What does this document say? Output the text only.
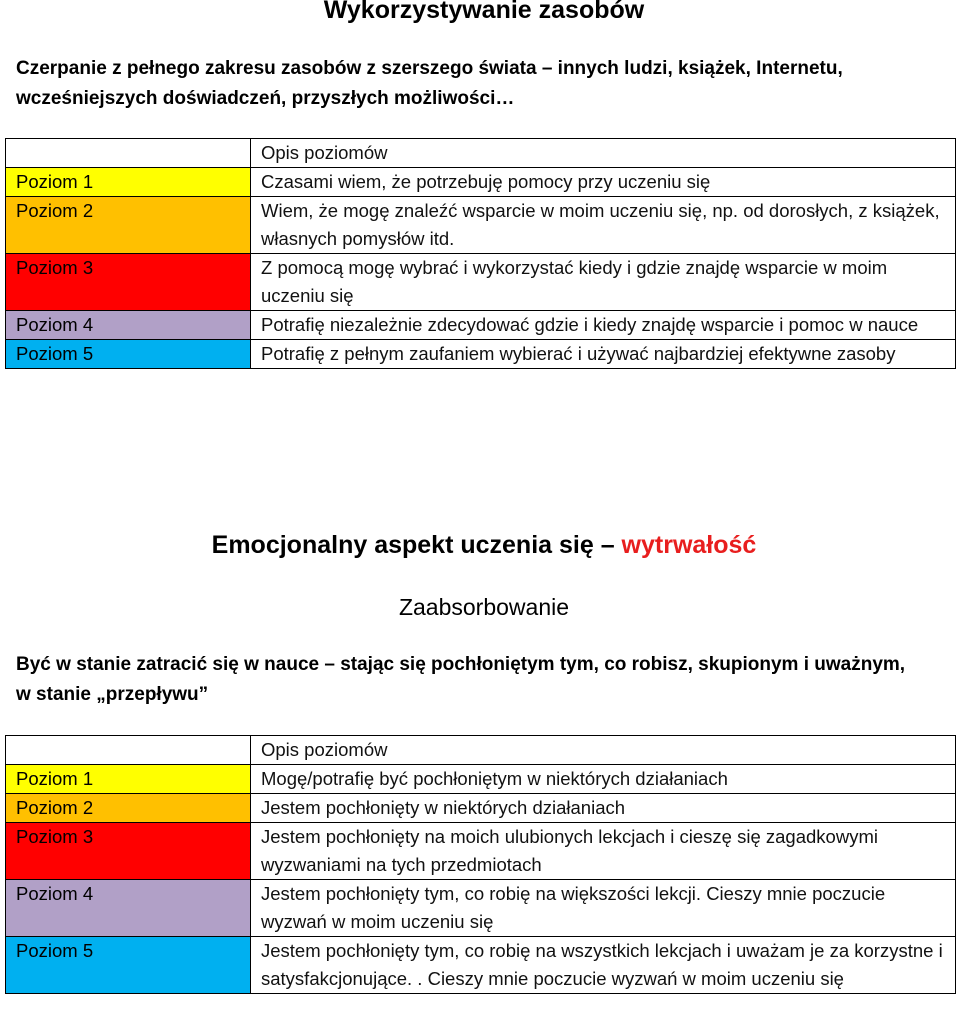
Wykorzystywanie zasobów
Czerpanie z pełnego zakresu zasobów z szerszego świata – innych ludzi, książek, Internetu,
wcześniejszych doświadczeń, przyszłych możliwości…
	Opis poziomów
Poziom 1	Czasami wiem, że potrzebuję pomocy przy uczeniu się
Poziom 2	Wiem, że mogę znaleźć wsparcie w moim uczeniu się, np. od dorosłych, z książek, własnych pomysłów itd.
Poziom 3	Z pomocą mogę wybrać i wykorzystać kiedy i gdzie znajdę wsparcie w moim uczeniu się
Poziom 4	Potrafię niezależnie zdecydować gdzie i kiedy znajdę wsparcie i pomoc w nauce
Poziom 5	Potrafię z pełnym zaufaniem wybierać i używać najbardziej efektywne zasoby
Emocjonalny aspekt uczenia się – wytrwałość
Zaabsorbowanie
Być w stanie zatracić się w nauce – stając się pochłoniętym tym, co robisz, skupionym i uważnym,
w stanie „przepływu”
	Opis poziomów
Poziom 1	Mogę/potrafię być pochłoniętym w niektórych działaniach
Poziom 2	Jestem pochłonięty w niektórych działaniach
Poziom 3	Jestem pochłonięty na moich ulubionych lekcjach i cieszę się zagadkowymi wyzwaniami na tych przedmiotach
Poziom 4	Jestem pochłonięty tym, co robię na większości lekcji. Cieszy mnie poczucie wyzwań w moim uczeniu się
Poziom 5	Jestem pochłonięty tym, co robię na wszystkich lekcjach i uważam je za korzystne i satysfakcjonujące. . Cieszy mnie poczucie wyzwań w moim uczeniu się
